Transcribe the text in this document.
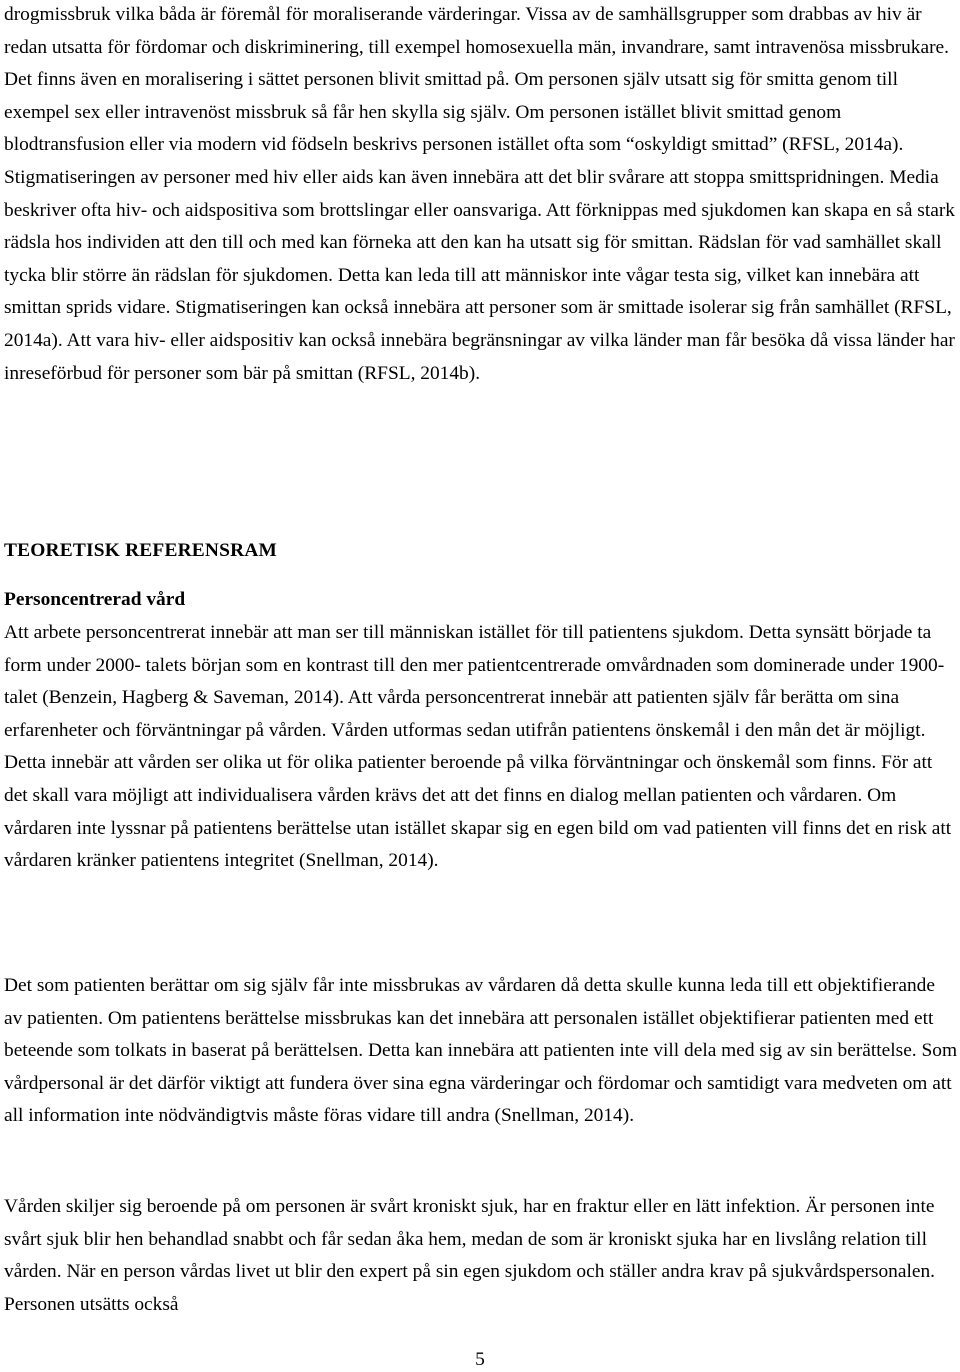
drogmissbruk vilka båda är föremål för moraliserande värderingar. Vissa av de samhällsgrupper som drabbas av hiv är redan utsatta för fördomar och diskriminering, till exempel homosexuella män, invandrare, samt intravenösa missbrukare. Det finns även en moralisering i sättet personen blivit smittad på. Om personen själv utsatt sig för smitta genom till exempel sex eller intravenöst missbruk så får hen skylla sig själv. Om personen istället blivit smittad genom blodtransfusion eller via modern vid födseln beskrivs personen istället ofta som “oskyldigt smittad” (RFSL, 2014a). Stigmatiseringen av personer med hiv eller aids kan även innebära att det blir svårare att stoppa smittspridningen. Media beskriver ofta hiv- och aidspositiva som brottslingar eller oansvariga. Att förknippas med sjukdomen kan skapa en så stark rädsla hos individen att den till och med kan förneka att den kan ha utsatt sig för smittan. Rädslan för vad samhället skall tycka blir större än rädslan för sjukdomen. Detta kan leda till att människor inte vågar testa sig, vilket kan innebära att smittan sprids vidare. Stigmatiseringen kan också innebära att personer som är smittade isolerar sig från samhället (RFSL, 2014a). Att vara hiv- eller aidspositiv kan också innebära begränsningar av vilka länder man får besöka då vissa länder har inreseförbud för personer som bär på smittan (RFSL, 2014b).

TEORETISK REFERENSRAM
Personcentrerad vård

Att arbete personcentrerat innebär att man ser till människan istället för till patientens sjukdom. Detta synsätt började ta form under 2000- talets början som en kontrast till den mer patientcentrerade omvårdnaden som dominerade under 1900-talet (Benzein, Hagberg & Saveman, 2014). Att vårda personcentrerat innebär att patienten själv får berätta om sina erfarenheter och förväntningar på vården. Vården utformas sedan utifrån patientens önskemål i den mån det är möjligt. Detta innebär att vården ser olika ut för olika patienter beroende på vilka förväntningar och önskemål som finns. För att det skall vara möjligt att individualisera vården krävs det att det finns en dialog mellan patienten och vårdaren. Om vårdaren inte lyssnar på patientens berättelse utan istället skapar sig en egen bild om vad patienten vill finns det en risk att vårdaren kränker patientens integritet (Snellman, 2014).

Det som patienten berättar om sig själv får inte missbrukas av vårdaren då detta skulle kunna leda till ett objektifierande av patienten. Om patientens berättelse missbrukas kan det innebära att personalen istället objektifierar patienten med ett beteende som tolkats in baserat på berättelsen. Detta kan innebära att patienten inte vill dela med sig av sin berättelse. Som vårdpersonal är det därför viktigt att fundera över sina egna värderingar och fördomar och samtidigt vara medveten om att all information inte nödvändigtvis måste föras vidare till andra (Snellman, 2014).

Vården skiljer sig beroende på om personen är svårt kroniskt sjuk, har en fraktur eller en lätt infektion. Är personen inte svårt sjuk blir hen behandlad snabbt och får sedan åka hem, medan de som är kroniskt sjuka har en livslång relation till vården. När en person vårdas livet ut blir den expert på sin egen sjukdom och ställer andra krav på sjukvårdspersonalen. Personen utsätts också

5
